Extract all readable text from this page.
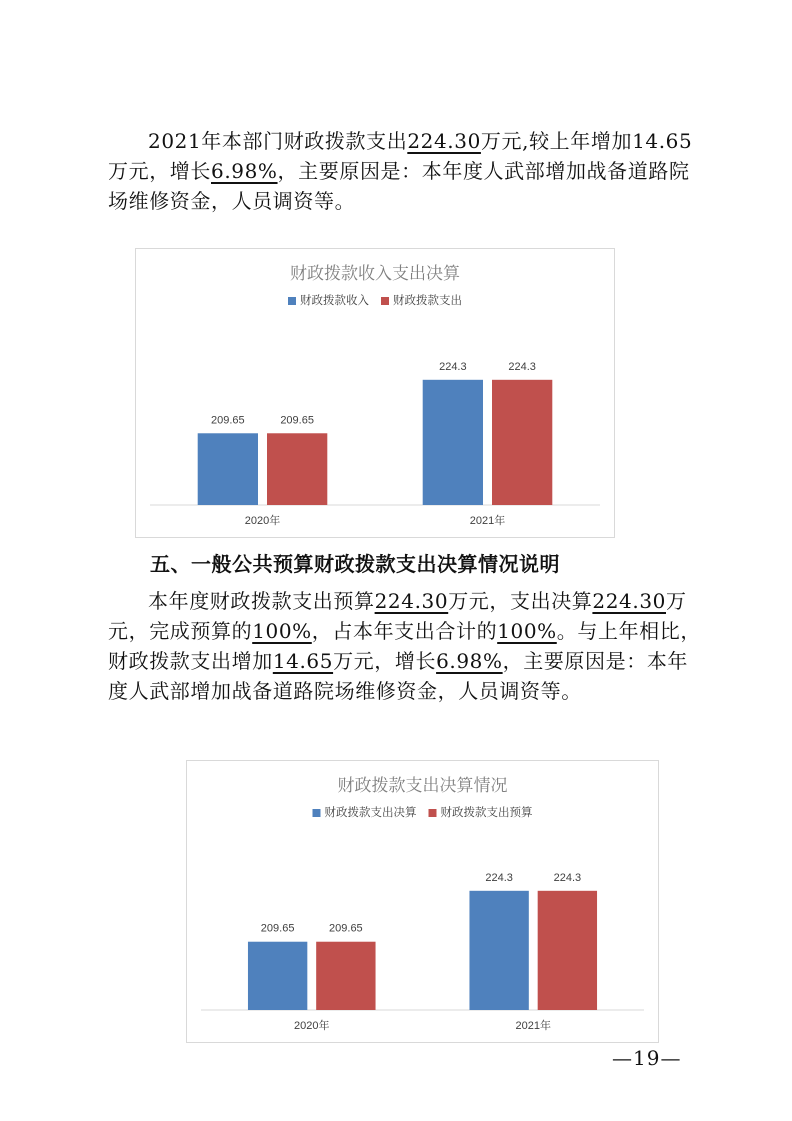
2021年本部门财政拨款支出224.30万元,较上年增加14.65
万元，增长6.98%，主要原因是：本年度人武部增加战备道路院
场维修资金，人员调资等。
财政拨款收入支出决算
财政拨款收入 财政拨款支出
209.65	209.65
2020年
224.3	224.3
2021年
五、一般公共预算财政拨款支出决算情况说明
本年度财政拨款支出预算224.30万元，支出决算224.30万
元，完成预算的100%，占本年支出合计的100%。与上年相比，
财政拨款支出增加14.65万元，增长6.98%，主要原因是：本年
度人武部增加战备道路院场维修资金，人员调资等。
财政拨款支出决算情况
财政拨款支出决算 财政拨款支出预算
209.65	209.65
2020年
224.3	224.3
2021年

—19—
